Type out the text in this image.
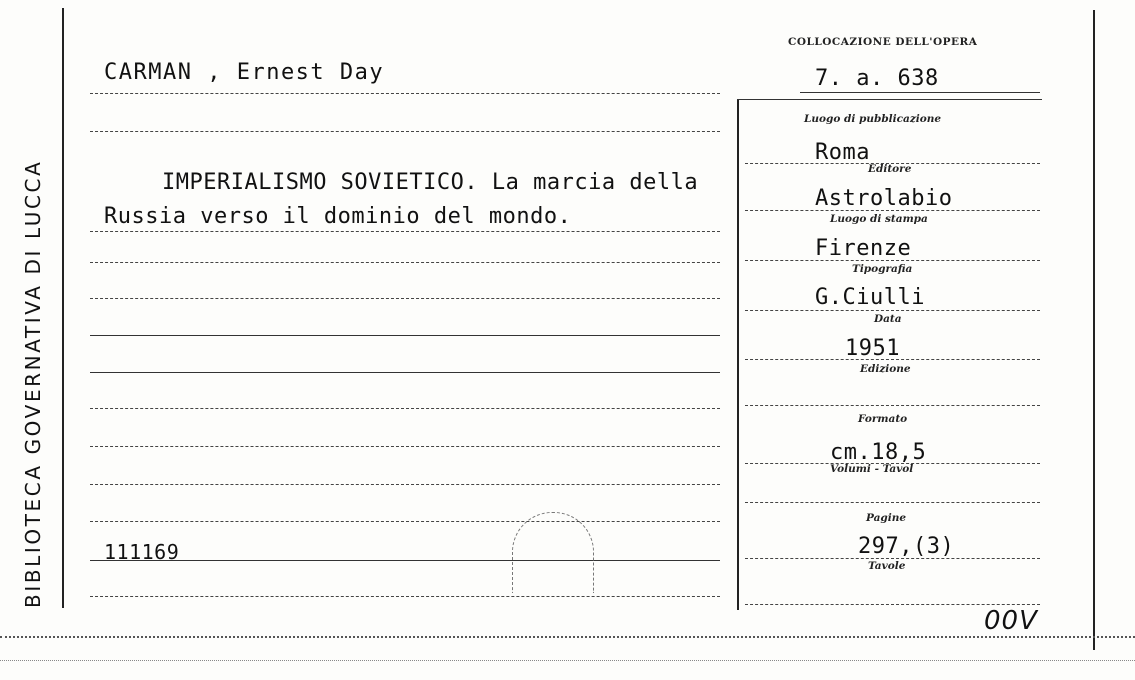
BIBLIOTECA GOVERNATIVA DI LUCCA
COLLOCAZIONE DELL'OPERA
7. a. 638
CARMAN , Ernest Day
IMPERIALISMO SOVIETICO. La marcia della
Russia verso il dominio del mondo.
111169
Luogo di pubblicazione
Roma
Editore
Astrolabio
Luogo di stampa
Firenze
Tipografia
G.Ciulli
Data
1951
Edizione
Formato
cm.18,5
Volumi - Tavol
Pagine
297,(3)
Tavole
00V
